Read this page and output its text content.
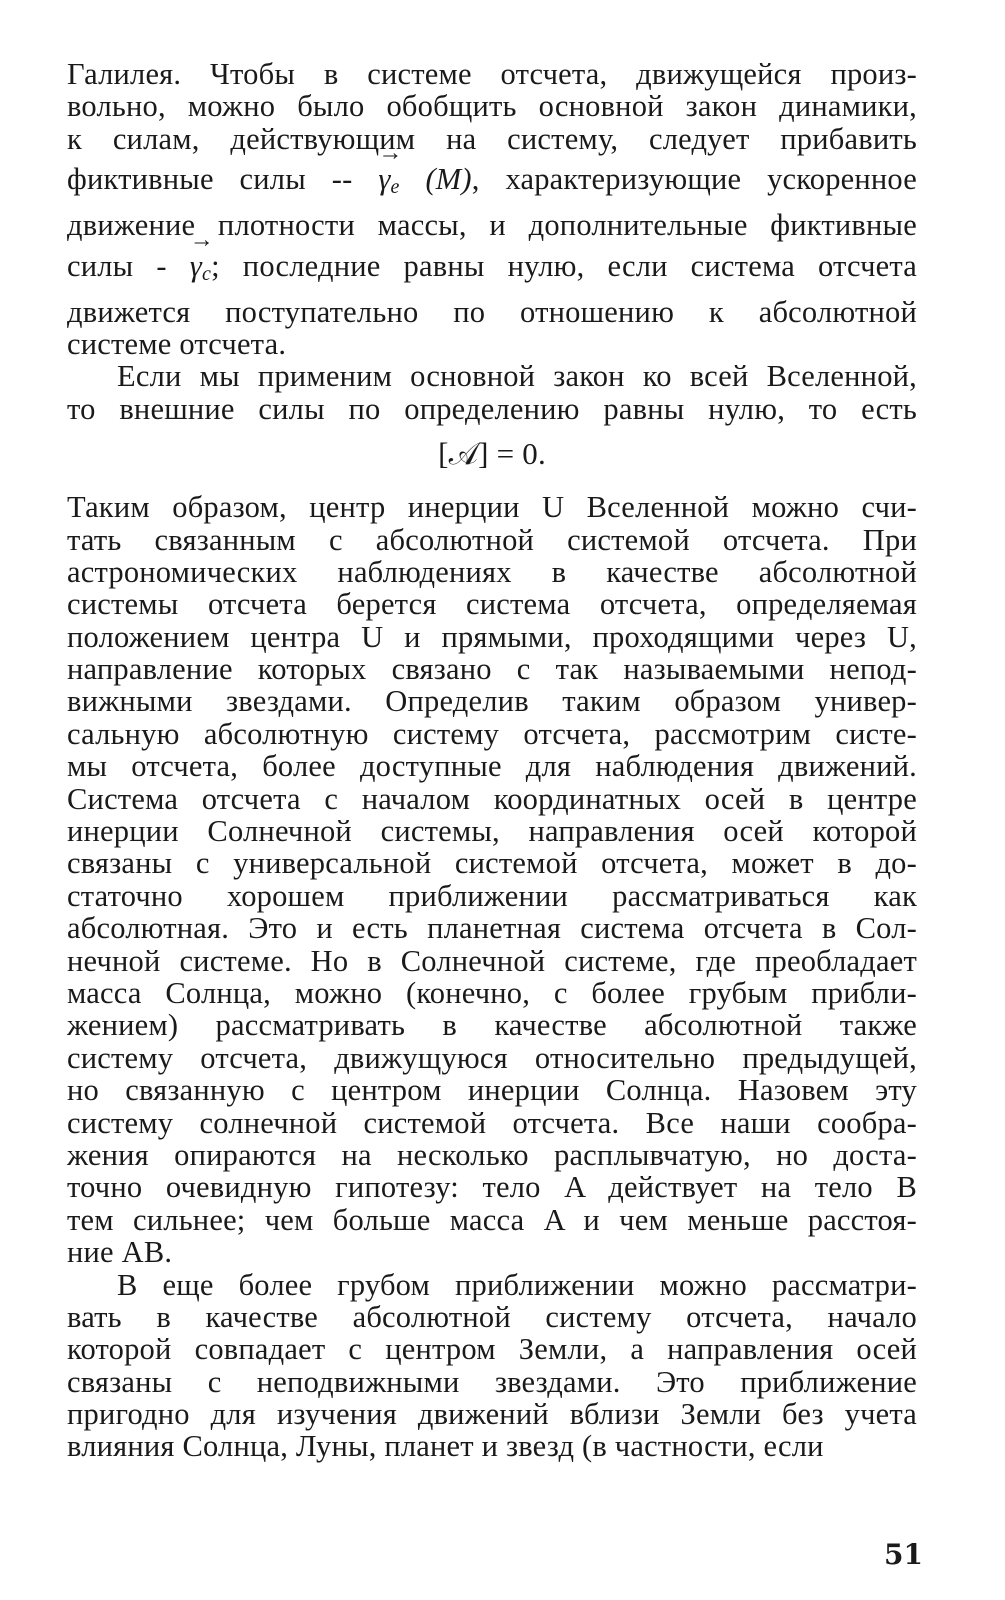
Галилея. Чтобы в системе отсчета, движущейся произ-
вольно, можно было обобщить основной закон динамики,
к силам, действующим на систему, следует прибавить
фиктивные силы -- → $\gamma_e$ (M), характеризующие ускоренное
движение плотности массы, и дополнительные фиктивные
силы - → $\gamma_c$; последние равны нулю, если система отсчета
движется поступательно по отношению к абсолютной
системе отсчета.
Если мы применим основной закон ко всей Вселенной,
то внешние силы по определению равны нулю, то есть
[𝒜] = 0.
Таким образом, центр инерции U Вселенной можно счи-
тать связанным с абсолютной системой отсчета. При
астрономических наблюдениях в качестве абсолютной
системы отсчета берется система отсчета, определяемая
положением центра U и прямыми, проходящими через U,
направление которых связано с так называемыми непод-
вижными звездами. Определив таким образом универ-
сальную абсолютную систему отсчета, рассмотрим систе-
мы отсчета, более доступные для наблюдения движений.
Система отсчета с началом координатных осей в центре
инерции Солнечной системы, направления осей которой
связаны с универсальной системой отсчета, может в до-
статочно хорошем приближении рассматриваться как
абсолютная. Это и есть планетная система отсчета в Сол-
нечной системе. Но в Солнечной системе, где преобладает
масса Солнца, можно (конечно, с более грубым прибли-
жением) рассматривать в качестве абсолютной также
систему отсчета, движущуюся относительно предыдущей,
но связанную с центром инерции Солнца. Назовем эту
систему солнечной системой отсчета. Все наши сообра-
жения опираются на несколько расплывчатую, но доста-
точно очевидную гипотезу: тело A действует на тело B
тем сильнее; чем больше масса A и чем меньше расстоя-
ние AB.
В еще более грубом приближении можно рассматри-
вать в качестве абсолютной систему отсчета, начало
которой совпадает с центром Земли, а направления осей
связаны с неподвижными звездами. Это приближение
пригодно для изучения движений вблизи Земли без учета
влияния Солнца, Луны, планет и звезд (в частности, если
51
